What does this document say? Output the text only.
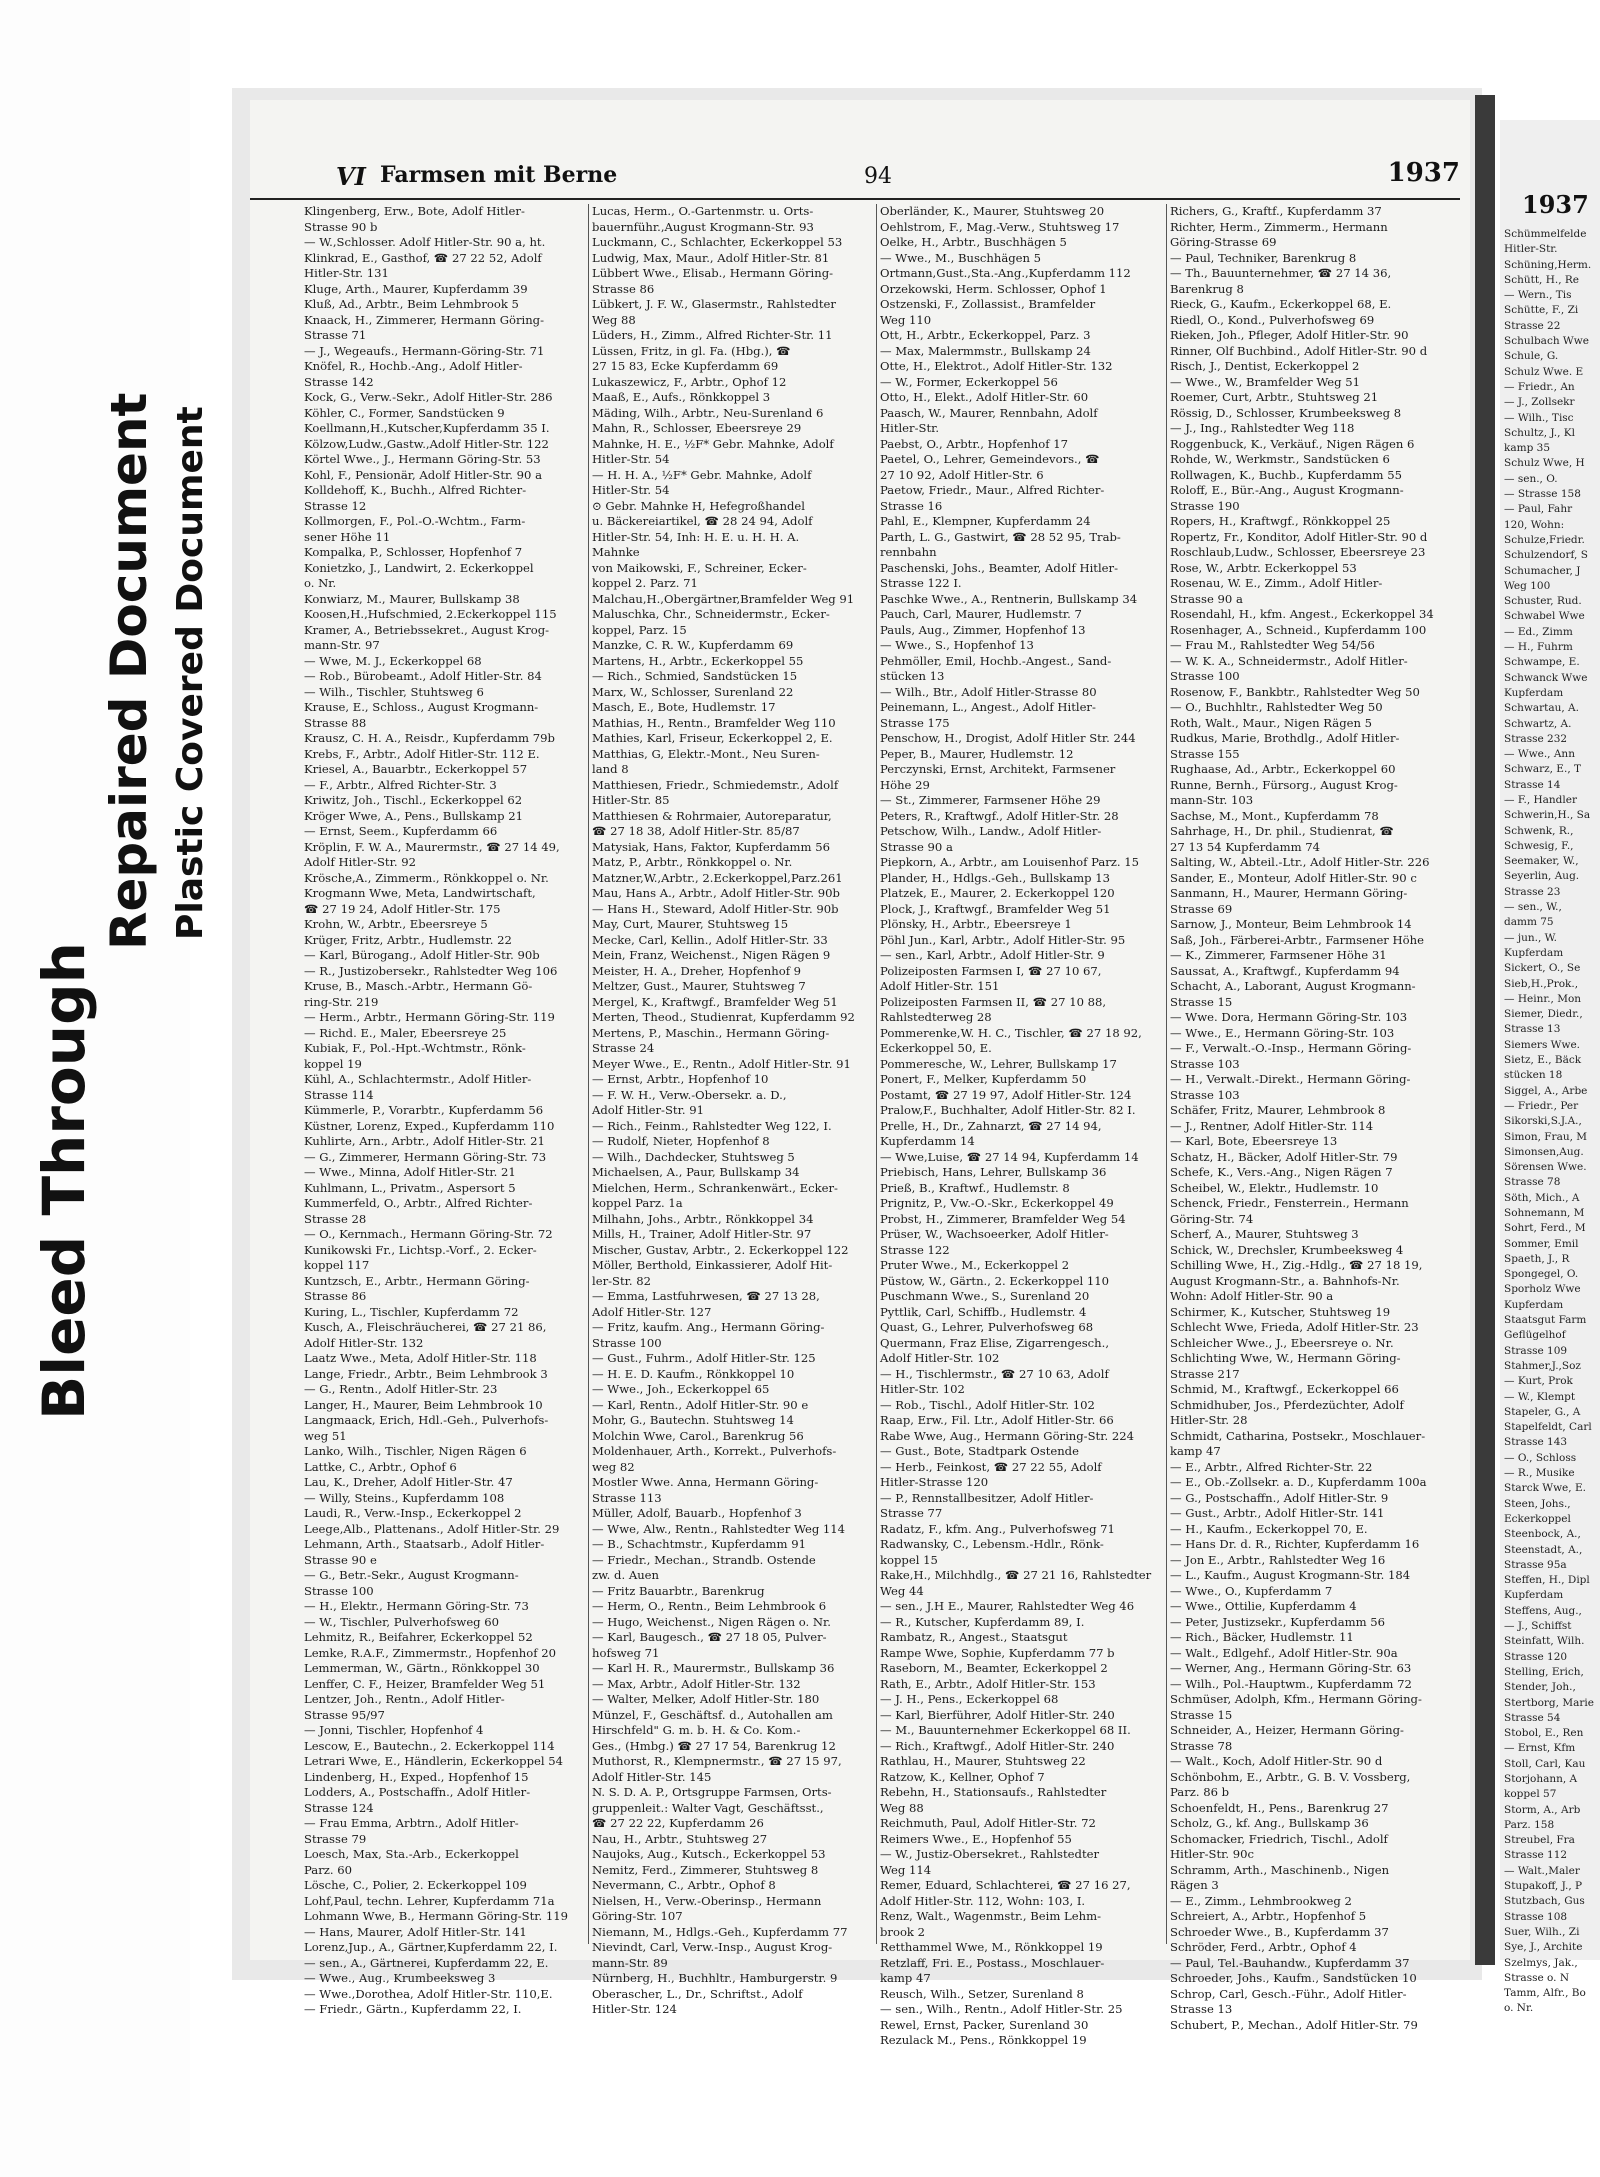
Bleed Through
Repaired Document Plastic Covered Document
VI Farmsen mit Berne	94	1937
Klingenberg, Erw., Bote, Adolf Hitler-
Strasse 90 b
— W.,Schlosser. Adolf Hitler-Str. 90 a, ht.
Klinkrad, E., Gasthof, ☎ 27 22 52, Adolf
Hitler-Str. 131
Kluge, Arth., Maurer, Kupferdamm 39
Kluß, Ad., Arbtr., Beim Lehmbrook 5
Knaack, H., Zimmerer, Hermann Göring-
Strasse 71
— J., Wegeaufs., Hermann-Göring-Str. 71
Knöfel, R., Hochb.-Ang., Adolf Hitler-
Strasse 142
Kock, G., Verw.-Sekr., Adolf Hitler-Str. 286
Köhler, C., Former, Sandstücken 9
Koellmann,H.,Kutscher,Kupferdamm 35 I.
Kölzow,Ludw.,Gastw.,Adolf Hitler-Str. 122
Körtel Wwe., J., Hermann Göring-Str. 53
Kohl, F., Pensionär, Adolf Hitler-Str. 90 a
Kolldehoff, K., Buchh., Alfred Richter-
Strasse 12
Kollmorgen, F., Pol.-O.-Wchtm., Farm-
sener Höhe 11
Kompalka, P., Schlosser, Hopfenhof 7
Konietzko, J., Landwirt, 2. Eckerkoppel
o. Nr.
Konwiarz, M., Maurer, Bullskamp 38
Koosen,H.,Hufschmied, 2.Eckerkoppel 115
Kramer, A., Betriebssekret., August Krog-
mann-Str. 97
— Wwe, M. J., Eckerkoppel 68
— Rob., Bürobeamt., Adolf Hitler-Str. 84
— Wilh., Tischler, Stuhtsweg 6
Krause, E., Schloss., August Krogmann-
Strasse 88
Krausz, C. H. A., Reisdr., Kupferdamm 79b
Krebs, F., Arbtr., Adolf Hitler-Str. 112 E.
Kriesel, A., Bauarbtr., Eckerkoppel 57
— F., Arbtr., Alfred Richter-Str. 3
Kriwitz, Joh., Tischl., Eckerkoppel 62
Kröger Wwe, A., Pens., Bullskamp 21
— Ernst, Seem., Kupferdamm 66
Kröplin, F. W. A., Maurermstr., ☎ 27 14 49,
Adolf Hitler-Str. 92
Krösche,A., Zimmerm., Rönkkoppel o. Nr.
Krogmann Wwe, Meta, Landwirtschaft,
☎ 27 19 24, Adolf Hitler-Str. 175
Krohn, W., Arbtr., Ebeersreye 5
Krüger, Fritz, Arbtr., Hudlemstr. 22
— Karl, Bürogang., Adolf Hitler-Str. 90b
— R., Justizobersekr., Rahlstedter Weg 106
Kruse, B., Masch.-Arbtr., Hermann Gö-
ring-Str. 219
— Herm., Arbtr., Hermann Göring-Str. 119
— Richd. E., Maler, Ebeersreye 25
Kubiak, F., Pol.-Hpt.-Wchtmstr., Rönk-
koppel 19
Kühl, A., Schlachtermstr., Adolf Hitler-
Strasse 114
Kümmerle, P., Vorarbtr., Kupferdamm 56
Küstner, Lorenz, Exped., Kupferdamm 110
Kuhlirte, Arn., Arbtr., Adolf Hitler-Str. 21
— G., Zimmerer, Hermann Göring-Str. 73
— Wwe., Minna, Adolf Hitler-Str. 21
Kuhlmann, L., Privatm., Aspersort 5
Kummerfeld, O., Arbtr., Alfred Richter-
Strasse 28
— O., Kernmach., Hermann Göring-Str. 72
Kunikowski Fr., Lichtsp.-Vorf., 2. Ecker-
koppel 117
Kuntzsch, E., Arbtr., Hermann Göring-
Strasse 86
Kuring, L., Tischler, Kupferdamm 72
Kusch, A., Fleischräucherei, ☎ 27 21 86,
Adolf Hitler-Str. 132
Laatz Wwe., Meta, Adolf Hitler-Str. 118
Lange, Friedr., Arbtr., Beim Lehmbrook 3
— G., Rentn., Adolf Hitler-Str. 23
Langer, H., Maurer, Beim Lehmbrook 10
Langmaack, Erich, Hdl.-Geh., Pulverhofs-
weg 51
Lanko, Wilh., Tischler, Nigen Rägen 6
Lattke, C., Arbtr., Ophof 6
Lau, K., Dreher, Adolf Hitler-Str. 47
— Willy, Steins., Kupferdamm 108
Laudi, R., Verw.-Insp., Eckerkoppel 2
Leege,Alb., Plattenans., Adolf Hitler-Str. 29
Lehmann, Arth., Staatsarb., Adolf Hitler-
Strasse 90 e
— G., Betr.-Sekr., August Krogmann-
Strasse 100
— H., Elektr., Hermann Göring-Str. 73
— W., Tischler, Pulverhofsweg 60
Lehmitz, R., Beifahrer, Eckerkoppel 52
Lemke, R.A.F., Zimmermstr., Hopfenhof 20
Lemmerman, W., Gärtn., Rönkkoppel 30
Lenffer, C. F., Heizer, Bramfelder Weg 51
Lentzer, Joh., Rentn., Adolf Hitler-
Strasse 95/97
— Jonni, Tischler, Hopfenhof 4
Lescow, E., Bautechn., 2. Eckerkoppel 114
Letrari Wwe, E., Händlerin, Eckerkoppel 54
Lindenberg, H., Exped., Hopfenhof 15
Lodders, A., Postschaffn., Adolf Hitler-
Strasse 124
— Frau Emma, Arbtrn., Adolf Hitler-
Strasse 79
Loesch, Max, Sta.-Arb., Eckerkoppel
Parz. 60
Lösche, C., Polier, 2. Eckerkoppel 109
Lohf,Paul, techn. Lehrer, Kupferdamm 71a
Lohmann Wwe, B., Hermann Göring-Str. 119
— Hans, Maurer, Adolf Hitler-Str. 141
Lorenz,Jup., A., Gärtner,Kupferdamm 22, I.
— sen., A., Gärtnerei, Kupferdamm 22, E.
— Wwe., Aug., Krumbeeksweg 3
— Wwe.,Dorothea, Adolf Hitler-Str. 110,E.
— Friedr., Gärtn., Kupferdamm 22, I.
Lucas, Herm., O.-Gartenmstr. u. Orts-
bauernführ.,August Krogmann-Str. 93
Luckmann, C., Schlachter, Eckerkoppel 53
Ludwig, Max, Maur., Adolf Hitler-Str. 81
Lübbert Wwe., Elisab., Hermann Göring-
Strasse 86
Lübkert, J. F. W., Glasermstr., Rahlstedter
Weg 88
Lüders, H., Zimm., Alfred Richter-Str. 11
Lüssen, Fritz, in gl. Fa. (Hbg.), ☎
27 15 83, Ecke Kupferdamm 69
Lukaszewicz, F., Arbtr., Ophof 12
Maaß, E., Aufs., Rönkkoppel 3
Mäding, Wilh., Arbtr., Neu-Surenland 6
Mahn, R., Schlosser, Ebeersreye 29
Mahnke, H. E., ½F* Gebr. Mahnke, Adolf
Hitler-Str. 54
— H. H. A., ½F* Gebr. Mahnke, Adolf
Hitler-Str. 54
⊙ Gebr. Mahnke H, Hefegroßhandel
u. Bäckereiartikel, ☎ 28 24 94, Adolf
Hitler-Str. 54, Inh: H. E. u. H. H. A.
Mahnke
von Maikowski, F., Schreiner, Ecker-
koppel 2. Parz. 71
Malchau,H.,Obergärtner,Bramfelder Weg 91
Maluschka, Chr., Schneidermstr., Ecker-
koppel, Parz. 15
Manzke, C. R. W., Kupferdamm 69
Martens, H., Arbtr., Eckerkoppel 55
— Rich., Schmied, Sandstücken 15
Marx, W., Schlosser, Surenland 22
Masch, E., Bote, Hudlemstr. 17
Mathias, H., Rentn., Bramfelder Weg 110
Mathies, Karl, Friseur, Eckerkoppel 2, E.
Matthias, G, Elektr.-Mont., Neu Suren-
land 8
Matthiesen, Friedr., Schmiedemstr., Adolf
Hitler-Str. 85
Matthiesen & Rohrmaier, Autoreparatur,
☎ 27 18 38, Adolf Hitler-Str. 85/87
Matysiak, Hans, Faktor, Kupferdamm 56
Matz, P., Arbtr., Rönkkoppel o. Nr.
Matzner,W.,Arbtr., 2.Eckerkoppel,Parz.261
Mau, Hans A., Arbtr., Adolf Hitler-Str. 90b
— Hans H., Steward, Adolf Hitler-Str. 90b
May, Curt, Maurer, Stuhtsweg 15
Mecke, Carl, Kellin., Adolf Hitler-Str. 33
Mein, Franz, Weichenst., Nigen Rägen 9
Meister, H. A., Dreher, Hopfenhof 9
Meltzer, Gust., Maurer, Stuhtsweg 7
Mergel, K., Kraftwgf., Bramfelder Weg 51
Merten, Theod., Studienrat, Kupferdamm 92
Mertens, P., Maschin., Hermann Göring-
Strasse 24
Meyer Wwe., E., Rentn., Adolf Hitler-Str. 91
— Ernst, Arbtr., Hopfenhof 10
— F. W. H., Verw.-Obersekr. a. D.,
Adolf Hitler-Str. 91
— Rich., Feinm., Rahlstedter Weg 122, I.
— Rudolf, Nieter, Hopfenhof 8
— Wilh., Dachdecker, Stuhtsweg 5
Michaelsen, A., Paur, Bullskamp 34
Mielchen, Herm., Schrankenwärt., Ecker-
koppel Parz. 1a
Milhahn, Johs., Arbtr., Rönkkoppel 34
Mills, H., Trainer, Adolf Hitler-Str. 97
Mischer, Gustav, Arbtr., 2. Eckerkoppel 122
Möller, Berthold, Einkassierer, Adolf Hit-
ler-Str. 82
— Emma, Lastfuhrwesen, ☎ 27 13 28,
Adolf Hitler-Str. 127
— Fritz, kaufm. Ang., Hermann Göring-
Strasse 100
— Gust., Fuhrm., Adolf Hitler-Str. 125
— H. E. D. Kaufm., Rönkkoppel 10
— Wwe., Joh., Eckerkoppel 65
— Karl, Rentn., Adolf Hitler-Str. 90 e
Mohr, G., Bautechn. Stuhtsweg 14
Molchin Wwe, Carol., Barenkrug 56
Moldenhauer, Arth., Korrekt., Pulverhofs-
weg 82
Mostler Wwe. Anna, Hermann Göring-
Strasse 113
Müller, Adolf, Bauarb., Hopfenhof 3
— Wwe, Alw., Rentn., Rahlstedter Weg 114
— B., Schachtmstr., Kupferdamm 91
— Friedr., Mechan., Strandb. Ostende
zw. d. Auen
— Fritz Bauarbtr., Barenkrug
— Herm, O., Rentn., Beim Lehmbrook 6
— Hugo, Weichenst., Nigen Rägen o. Nr.
— Karl, Baugesch., ☎ 27 18 05, Pulver-
hofsweg 71
— Karl H. R., Maurermstr., Bullskamp 36
— Max, Arbtr., Adolf Hitler-Str. 132
— Walter, Melker, Adolf Hitler-Str. 180
Münzel, F., Geschäftsf. d., Autohallen am
Hirschfeld" G. m. b. H. & Co. Kom.-
Ges., (Hmbg.) ☎ 27 17 54, Barenkrug 12
Muthorst, R., Klempnermstr., ☎ 27 15 97,
Adolf Hitler-Str. 145
N. S. D. A. P., Ortsgruppe Farmsen, Orts-
gruppenleit.: Walter Vagt, Geschäftsst.,
☎ 27 22 22, Kupferdamm 26
Nau, H., Arbtr., Stuhtsweg 27
Naujoks, Aug., Kutsch., Eckerkoppel 53
Nemitz, Ferd., Zimmerer, Stuhtsweg 8
Nevermann, C., Arbtr., Ophof 8
Nielsen, H., Verw.-Oberinsp., Hermann
Göring-Str. 107
Niemann, M., Hdlgs.-Geh., Kupferdamm 77
Nievindt, Carl, Verw.-Insp., August Krog-
mann-Str. 89
Nürnberg, H., Buchhltr., Hamburgerstr. 9
Oberascher, L., Dr., Schriftst., Adolf
Hitler-Str. 124
Oberländer, K., Maurer, Stuhtsweg 20
Oehlstrom, F., Mag.-Verw., Stuhtsweg 17
Oelke, H., Arbtr., Buschhägen 5
— Wwe., M., Buschhägen 5
Ortmann,Gust.,Sta.-Ang.,Kupferdamm 112
Orzekowski, Herm. Schlosser, Ophof 1
Ostzenski, F., Zollassist., Bramfelder
Weg 110
Ott, H., Arbtr., Eckerkoppel, Parz. 3
— Max, Malermmstr., Bullskamp 24
Otte, H., Elektrot., Adolf Hitler-Str. 132
— W., Former, Eckerkoppel 56
Otto, H., Elekt., Adolf Hitler-Str. 60
Paasch, W., Maurer, Rennbahn, Adolf
Hitler-Str.
Paebst, O., Arbtr., Hopfenhof 17
Paetel, O., Lehrer, Gemeindevors., ☎
27 10 92, Adolf Hitler-Str. 6
Paetow, Friedr., Maur., Alfred Richter-
Strasse 16
Pahl, E., Klempner, Kupferdamm 24
Parth, L. G., Gastwirt, ☎ 28 52 95, Trab-
rennbahn
Paschenski, Johs., Beamter, Adolf Hitler-
Strasse 122 I.
Paschke Wwe., A., Rentnerin, Bullskamp 34
Pauch, Carl, Maurer, Hudlemstr. 7
Pauls, Aug., Zimmer, Hopfenhof 13
— Wwe., S., Hopfenhof 13
Pehmöller, Emil, Hochb.-Angest., Sand-
stücken 13
— Wilh., Btr., Adolf Hitler-Strasse 80
Peinemann, L., Angest., Adolf Hitler-
Strasse 175
Penschow, H., Drogist, Adolf Hitler Str. 244
Peper, B., Maurer, Hudlemstr. 12
Perczynski, Ernst, Architekt, Farmsener
Höhe 29
— St., Zimmerer, Farmsener Höhe 29
Peters, R., Kraftwgf., Adolf Hitler-Str. 28
Petschow, Wilh., Landw., Adolf Hitler-
Strasse 90 a
Piepkorn, A., Arbtr., am Louisenhof Parz. 15
Plander, H., Hdlgs.-Geh., Bullskamp 13
Platzek, E., Maurer, 2. Eckerkoppel 120
Plock, J., Kraftwgf., Bramfelder Weg 51
Plönsky, H., Arbtr., Ebeersreye 1
Pöhl Jun., Karl, Arbtr., Adolf Hitler-Str. 95
— sen., Karl, Arbtr., Adolf Hitler-Str. 9
Polizeiposten Farmsen I, ☎ 27 10 67,
Adolf Hitler-Str. 151
Polizeiposten Farmsen II, ☎ 27 10 88,
Rahlstedterweg 28
Pommerenke,W. H. C., Tischler, ☎ 27 18 92,
Eckerkoppel 50, E.
Pommeresche, W., Lehrer, Bullskamp 17
Ponert, F., Melker, Kupferdamm 50
Postamt, ☎ 27 19 97, Adolf Hitler-Str. 124
Pralow,F., Buchhalter, Adolf Hitler-Str. 82 I.
Prelle, H., Dr., Zahnarzt, ☎ 27 14 94,
Kupferdamm 14
— Wwe,Luise, ☎ 27 14 94, Kupferdamm 14
Priebisch, Hans, Lehrer, Bullskamp 36
Prieß, B., Kraftwf., Hudlemstr. 8
Prignitz, P., Vw.-O.-Skr., Eckerkoppel 49
Probst, H., Zimmerer, Bramfelder Weg 54
Prüser, W., Wachsoeerker, Adolf Hitler-
Strasse 122
Pruter Wwe., M., Eckerkoppel 2
Püstow, W., Gärtn., 2. Eckerkoppel 110
Puschmann Wwe., S., Surenland 20
Pyttlik, Carl, Schiffb., Hudlemstr. 4
Quast, G., Lehrer, Pulverhofsweg 68
Quermann, Fraz Elise, Zigarrengesch.,
Adolf Hitler-Str. 102
— H., Tischlermstr., ☎ 27 10 63, Adolf
Hitler-Str. 102
— Rob., Tischl., Adolf Hitler-Str. 102
Raap, Erw., Fil. Ltr., Adolf Hitler-Str. 66
Rabe Wwe, Aug., Hermann Göring-Str. 224
— Gust., Bote, Stadtpark Ostende
— Herb., Feinkost, ☎ 27 22 55, Adolf
Hitler-Strasse 120
— P., Rennstallbesitzer, Adolf Hitler-
Strasse 77
Radatz, F., kfm. Ang., Pulverhofsweg 71
Radwansky, C., Lebensm.-Hdlr., Rönk-
koppel 15
Rake,H., Milchhdlg., ☎ 27 21 16, Rahlstedter
Weg 44
— sen., J.H E., Maurer, Rahlstedter Weg 46
— R., Kutscher, Kupferdamm 89, I.
Rambatz, R., Angest., Staatsgut
Rampe Wwe, Sophie, Kupferdamm 77 b
Raseborn, M., Beamter, Eckerkoppel 2
Rath, E., Arbtr., Adolf Hitler-Str. 153
— J. H., Pens., Eckerkoppel 68
— Karl, Bierführer, Adolf Hitler-Str. 240
— M., Bauunternehmer Eckerkoppel 68 II.
— Rich., Kraftwgf., Adolf Hitler-Str. 240
Rathlau, H., Maurer, Stuhtsweg 22
Ratzow, K., Kellner, Ophof 7
Rebehn, H., Stationsaufs., Rahlstedter
Weg 88
Reichmuth, Paul, Adolf Hitler-Str. 72
Reimers Wwe., E., Hopfenhof 55
— W., Justiz-Obersekret., Rahlstedter
Weg 114
Remer, Eduard, Schlachterei, ☎ 27 16 27,
Adolf Hitler-Str. 112, Wohn: 103, I.
Renz, Walt., Wagenmstr., Beim Lehm-
brook 2
Retthammel Wwe, M., Rönkkoppel 19
Retzlaff, Fri. E., Postass., Moschlauer-
kamp 47
Reusch, Wilh., Setzer, Surenland 8
— sen., Wilh., Rentn., Adolf Hitler-Str. 25
Rewel, Ernst, Packer, Surenland 30
Rezulack M., Pens., Rönkkoppel 19
Richers, G., Kraftf., Kupferdamm 37
Richter, Herm., Zimmerm., Hermann
Göring-Strasse 69
— Paul, Techniker, Barenkrug 8
— Th., Bauunternehmer, ☎ 27 14 36,
Barenkrug 8
Rieck, G., Kaufm., Eckerkoppel 68, E.
Riedl, O., Kond., Pulverhofsweg 69
Rieken, Joh., Pfleger, Adolf Hitler-Str. 90
Rinner, Olf Buchbind., Adolf Hitler-Str. 90 d
Risch, J., Dentist, Eckerkoppel 2
— Wwe., W., Bramfelder Weg 51
Roemer, Curt, Arbtr., Stuhtsweg 21
Rössig, D., Schlosser, Krumbeeksweg 8
— J., Ing., Rahlstedter Weg 118
Roggenbuck, K., Verkäuf., Nigen Rägen 6
Rohde, W., Werkmstr., Sandstücken 6
Rollwagen, K., Buchb., Kupferdamm 55
Roloff, E., Bür.-Ang., August Krogmann-
Strasse 190
Ropers, H., Kraftwgf., Rönkkoppel 25
Ropertz, Fr., Konditor, Adolf Hitler-Str. 90 d
Roschlaub,Ludw., Schlosser, Ebeersreye 23
Rose, W., Arbtr. Eckerkoppel 53
Rosenau, W. E., Zimm., Adolf Hitler-
Strasse 90 a
Rosendahl, H., kfm. Angest., Eckerkoppel 34
Rosenhager, A., Schneid., Kupferdamm 100
— Frau M., Rahlstedter Weg 54/56
— W. K. A., Schneidermstr., Adolf Hitler-
Strasse 100
Rosenow, F., Bankbtr., Rahlstedter Weg 50
— O., Buchhltr., Rahlstedter Weg 50
Roth, Walt., Maur., Nigen Rägen 5
Rudkus, Marie, Brothdlg., Adolf Hitler-
Strasse 155
Rughaase, Ad., Arbtr., Eckerkoppel 60
Runne, Bernh., Fürsorg., August Krog-
mann-Str. 103
Sachse, M., Mont., Kupferdamm 78
Sahrhage, H., Dr. phil., Studienrat, ☎
27 13 54 Kupferdamm 74
Salting, W., Abteil.-Ltr., Adolf Hitler-Str. 226
Sander, E., Monteur, Adolf Hitler-Str. 90 c
Sanmann, H., Maurer, Hermann Göring-
Strasse 69
Sarnow, J., Monteur, Beim Lehmbrook 14
Saß, Joh., Färberei-Arbtr., Farmsener Höhe
— K., Zimmerer, Farmsener Höhe 31
Saussat, A., Kraftwgf., Kupferdamm 94
Schacht, A., Laborant, August Krogmann-
Strasse 15
— Wwe. Dora, Hermann Göring-Str. 103
— Wwe., E., Hermann Göring-Str. 103
— F., Verwalt.-O.-Insp., Hermann Göring-
Strasse 103
— H., Verwalt.-Direkt., Hermann Göring-
Strasse 103
Schäfer, Fritz, Maurer, Lehmbrook 8
— J., Rentner, Adolf Hitler-Str. 114
— Karl, Bote, Ebeersreye 13
Schatz, H., Bäcker, Adolf Hitler-Str. 79
Schefe, K., Vers.-Ang., Nigen Rägen 7
Scheibel, W., Elektr., Hudlemstr. 10
Schenck, Friedr., Fensterrein., Hermann
Göring-Str. 74
Scherf, A., Maurer, Stuhtsweg 3
Schick, W., Drechsler, Krumbeeksweg 4
Schilling Wwe, H., Zig.-Hdlg., ☎ 27 18 19,
August Krogmann-Str., a. Bahnhofs-Nr.
Wohn: Adolf Hitler-Str. 90 a
Schirmer, K., Kutscher, Stuhtsweg 19
Schlecht Wwe, Frieda, Adolf Hitler-Str. 23
Schleicher Wwe., J., Ebeersreye o. Nr.
Schlichting Wwe, W., Hermann Göring-
Strasse 217
Schmid, M., Kraftwgf., Eckerkoppel 66
Schmidhuber, Jos., Pferdezüchter, Adolf
Hitler-Str. 28
Schmidt, Catharina, Postsekr., Moschlauer-
kamp 47
— E., Arbtr., Alfred Richter-Str. 22
— E., Ob.-Zollsekr. a. D., Kupferdamm 100a
— G., Postschaffn., Adolf Hitler-Str. 9
— Gust., Arbtr., Adolf Hitler-Str. 141
— H., Kaufm., Eckerkoppel 70, E.
— Hans Dr. d. R., Richter, Kupferdamm 16
— Jon E., Arbtr., Rahlstedter Weg 16
— L., Kaufm., August Krogmann-Str. 184
— Wwe., O., Kupferdamm 7
— Wwe., Ottilie, Kupferdamm 4
— Peter, Justizsekr., Kupferdamm 56
— Rich., Bäcker, Hudlemstr. 11
— Walt., Edlgehf., Adolf Hitler-Str. 90a
— Werner, Ang., Hermann Göring-Str. 63
— Wilh., Pol.-Hauptwm., Kupferdamm 72
Schmüser, Adolph, Kfm., Hermann Göring-
Strasse 15
Schneider, A., Heizer, Hermann Göring-
Strasse 78
— Walt., Koch, Adolf Hitler-Str. 90 d
Schönbohm, E., Arbtr., G. B. V. Vossberg,
Parz. 86 b
Schoenfeldt, H., Pens., Barenkrug 27
Scholz, G., kf. Ang., Bullskamp 36
Schomacker, Friedrich, Tischl., Adolf
Hitler-Str. 90c
Schramm, Arth., Maschinenb., Nigen
Rägen 3
— E., Zimm., Lehmbrookweg 2
Schreiert, A., Arbtr., Hopfenhof 5
Schroeder Wwe., B., Kupferdamm 37
Schröder, Ferd., Arbtr., Ophof 4
— Paul, Tel.-Bauhandw., Kupferdamm 37
Schroeder, Johs., Kaufm., Sandstücken 10
Schrop, Carl, Gesch.-Führ., Adolf Hitler-
Strasse 13
Schubert, P., Mechan., Adolf Hitler-Str. 79
1937
Schümmelfelde
Hitler-Str.
Schüning,Herm.
Schütt, H., Re
— Wern., Tis
Schütte, F., Zi
Strasse 22
Schulbach Wwe
Schule, G.
Schulz Wwe. E
— Friedr., An
— J., Zollsekr
— Wilh., Tisc
Schultz, J., Kl
kamp 35
Schulz Wwe, H
— sen., O.
— Strasse 158
— Paul, Fahr
120, Wohn:
Schulze,Friedr.
Schulzendorf, S
Schumacher, J
Weg 100
Schuster, Rud.
Schwabel Wwe
— Ed., Zimm
— H., Fuhrm
Schwampe, E.
Schwanck Wwe
Kupferdam
Schwartau, A.
Schwartz, A.
Strasse 232
— Wwe., Ann
Schwarz, E., T
Strasse 14
— F., Handler
Schwerin,H., Sa
Schwenk, R.,
Schwesig, F.,
Seemaker, W.,
Seyerlin, Aug.
Strasse 23
— sen., W.,
damm 75
— jun., W.
Kupferdam
Sickert, O., Se
Sieb,H.,Prok.,
— Heinr., Mon
Siemer, Diedr.,
Strasse 13
Siemers Wwe.
Sietz, E., Bäck
stücken 18
Siggel, A., Arbe
— Friedr., Per
Sikorski,S.J.A.,
Simon, Frau, M
Simonsen,Aug.
Sörensen Wwe.
Strasse 78
Söth, Mich., A
Sohnemann, M
Sohrt, Ferd., M
Sommer, Emil
Spaeth, J., R
Spongegel, O.
Sporholz Wwe
Kupferdam
Staatsgut Farm
Geflügelhof
Strasse 109
Stahmer,J.,Soz
— Kurt, Prok
— W., Klempt
Stapeler, G., A
Stapelfeldt, Carl
Strasse 143
— O., Schloss
— R., Musike
Starck Wwe, E.
Steen, Johs.,
Eckerkoppel
Steenbock, A.,
Steenstadt, A.,
Strasse 95a
Steffen, H., Dipl
Kupferdam
Steffens, Aug.,
— J., Schiffst
Steinfatt, Wilh.
Strasse 120
Stelling, Erich,
Stender, Joh.,
Stertborg, Marie
Strasse 54
Stobol, E., Ren
— Ernst, Kfm
Stoll, Carl, Kau
Storjohann, A
koppel 57
Storm, A., Arb
Parz. 158
Streubel, Fra
Strasse 112
— Walt.,Maler
Stupakoff, J., P
Stutzbach, Gus
Strasse 108
Suer, Wilh., Zi
Sye, J., Archite
Szelmys, Jak.,
Strasse o. N
Tamm, Alfr., Bo
o. Nr.
